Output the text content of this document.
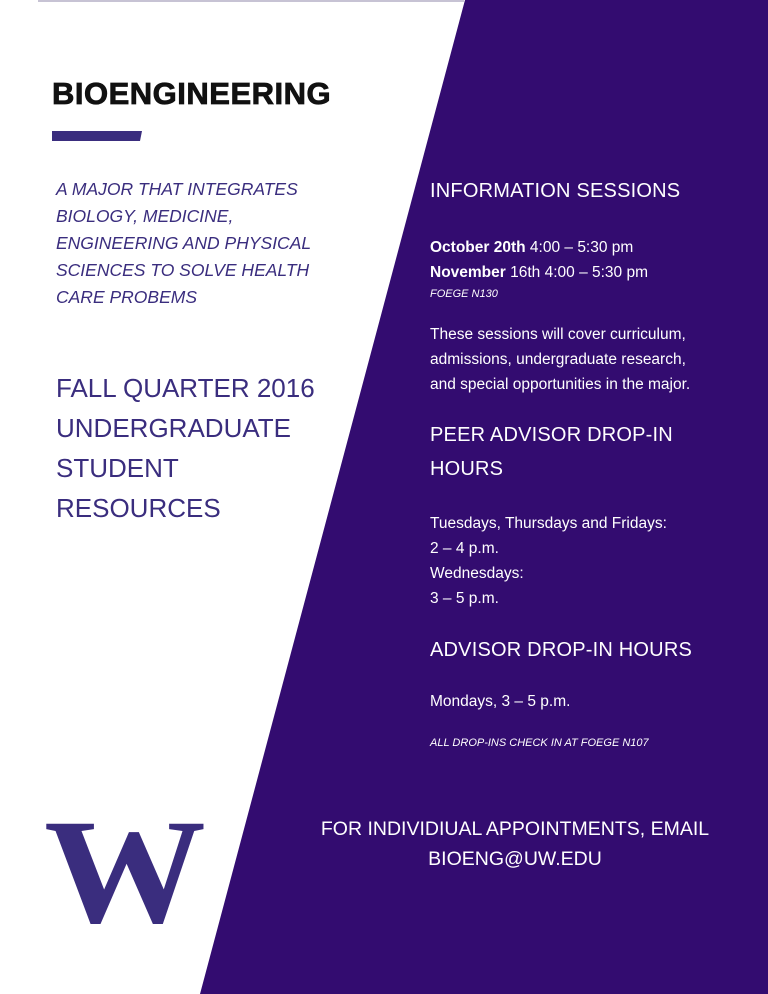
BIOENGINEERING
A MAJOR THAT INTEGRATES
BIOLOGY, MEDICINE,
ENGINEERING AND PHYSICAL
SCIENCES TO SOLVE HEALTH
CARE PROBEMS
FALL QUARTER 2016
UNDERGRADUATE
STUDENT
RESOURCES
W
INFORMATION SESSIONS
October 20th 4:00 – 5:30 pm
November 16th 4:00 – 5:30 pm
FOEGE N130
These sessions will cover curriculum,
admissions, undergraduate research,
and special opportunities in the major.
PEER ADVISOR DROP-IN
HOURS
Tuesdays, Thursdays and Fridays:
2 – 4 p.m.
Wednesdays:
3 – 5 p.m.
ADVISOR DROP-IN HOURS
Mondays, 3 – 5 p.m.
ALL DROP-INS CHECK IN AT FOEGE N107
FOR INDIVIDIUAL APPOINTMENTS, EMAIL
BIOENG@UW.EDU
